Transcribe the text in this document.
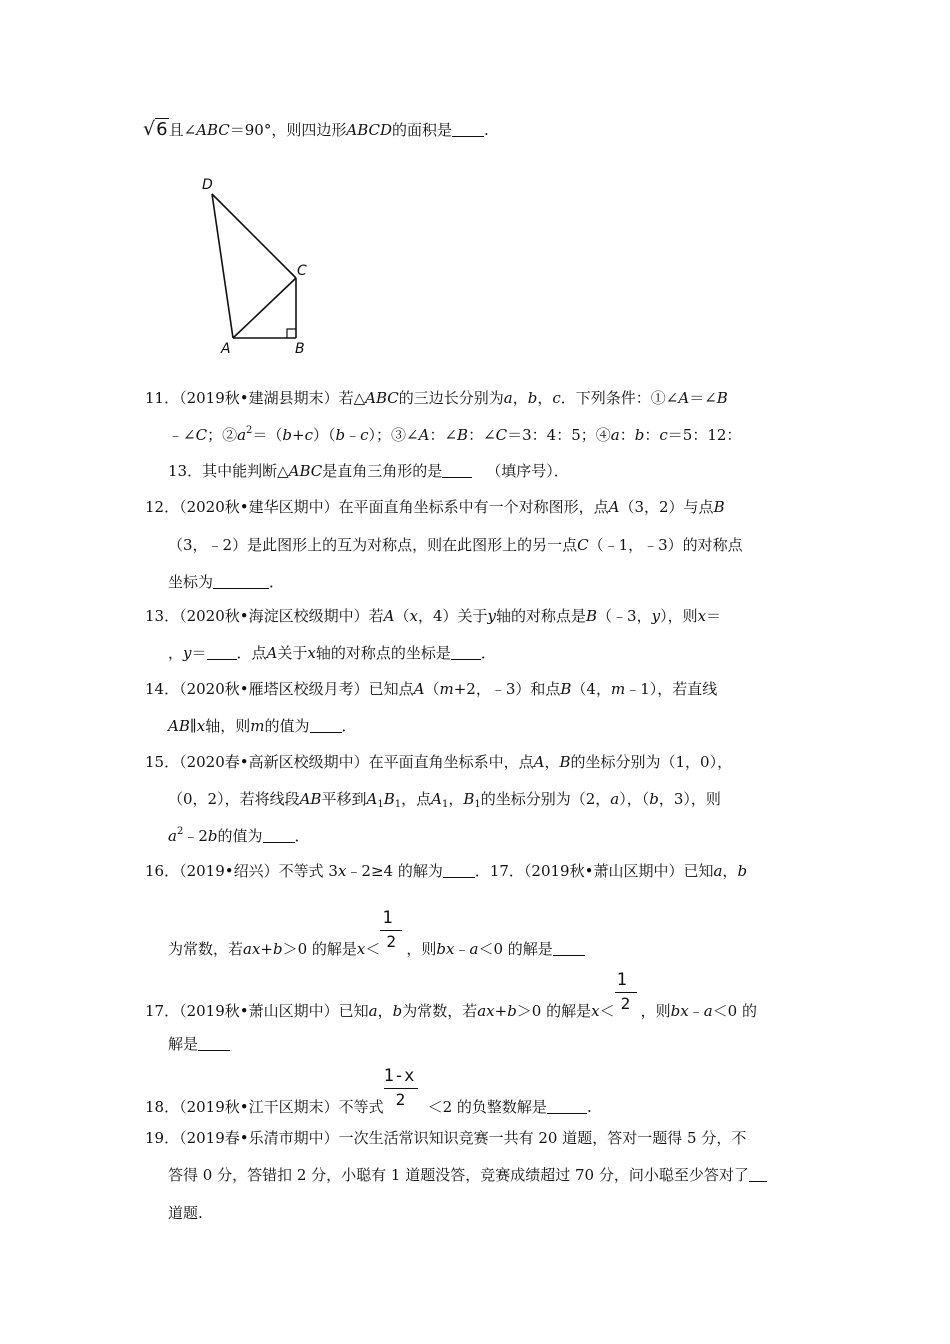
√6且∠ABC＝90°，则四边形ABCD的面积是 .
D
C
A	B
11．（2019秋•建湖县期末）若△ABC的三边长分别为a，b，c．下列条件：①∠A＝∠B
﹣∠C；$②a^2=(b+c)(b﹣c)$；③∠A：∠B：∠C＝3：4：5；④a：b：c＝5：12：
13．其中能判断△ABC是直角三角形的是	（填序号）．
12．（2020秋•建华区期中）在平面直角坐标系中有一个对称图形，点A（3，2）与点B
（3，﹣2）是此图形上的互为对称点，则在此图形上的另一点C（﹣1，﹣3）的对称点
坐标为	．
13．（2020秋•海淀区校级期中）若A（x，4）关于y轴的对称点是B（﹣3，y），则x＝
，y＝ ．点A关于x轴的对称点的坐标是 ．
14．（2020秋•雁塔区校级月考）已知点A（m+2，﹣3）和点B（4，m﹣1），若直线
AB∥x轴，则m的值为 ．
15．（2020春•高新区校级期中）在平面直角坐标系中，点A，B的坐标分别为（1，0），
（0，2），若将线段AB平移到$A_1B_1$，点$A_1$，$B_1$的坐标分别为（2，a），（b，3），则
$a^2﹣2b$的值为 ．
16．（2019•绍兴）不等式 3x﹣2≥4 的解为 ．17．（2019秋•萧山区期中）已知a，b
为常数，若ax+b＞0 的解是$x< \frac{1}{2}$ ，则bx﹣a＜0 的解是
17．（2019秋•萧山区期中）已知a，b为常数，若ax+b＞0 的解是$x< \frac{1}{2}$ ，则bx﹣a＜0 的
解是
18．（2019秋•江干区期末）不等式 $\frac{1-x}{2} <2$ 的负整数解是	.
19．（2019春•乐清市期中）一次生活常识知识竞赛一共有 20 道题，答对一题得 5 分，不
答得 0 分，答错扣 2 分，小聪有 1 道题没答，竞赛成绩超过 70 分，问小聪至少答对了
道题.
